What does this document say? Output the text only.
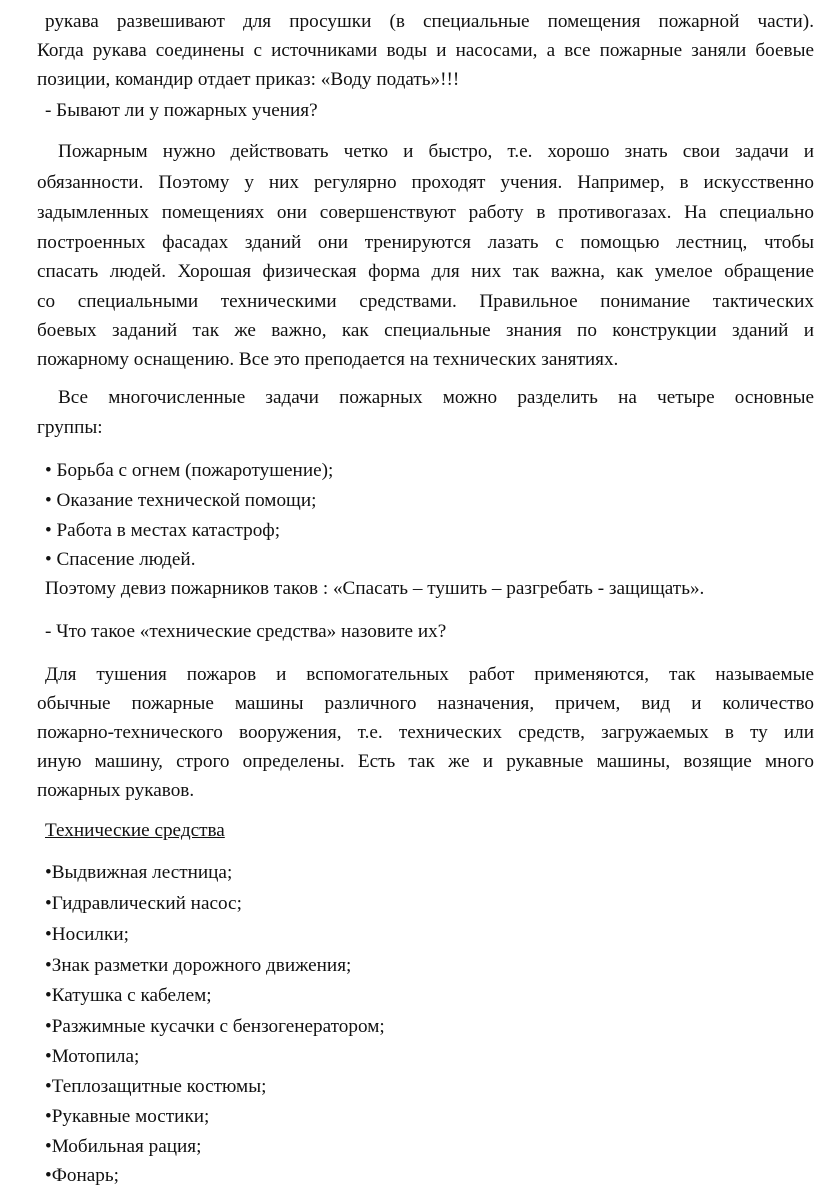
рукава развешивают для просушки (в специальные помещения пожарной части).

Когда рукава соединены с источниками воды и насосами, а все пожарные заняли боевые

позиции, командир отдает приказ: «Воду подать»!!!

- Бывают ли у пожарных учения?

Пожарным нужно действовать четко и быстро, т.е. хорошо знать свои задачи и

обязанности. Поэтому у них регулярно проходят учения. Например, в искусственно

задымленных помещениях они совершенствуют работу в противогазах. На специально

построенных фасадах зданий они тренируются лазать с помощью лестниц, чтобы

спасать людей. Хорошая физическая форма для них так важна, как умелое обращение

со специальными техническими средствами. Правильное понимание тактических

боевых заданий так же важно, как специальные знания по конструкции зданий и

пожарному оснащению. Все это преподается на технических занятиях.

Все многочисленные задачи пожарных можно разделить на четыре основные

группы:

• Борьба с огнем (пожаротушение);

• Оказание технической помощи;

• Работа в местах катастроф;

• Спасение людей.

Поэтому девиз пожарников таков : «Спасать – тушить – разгребать - защищать».

- Что такое «технические средства» назовите их?

Для тушения пожаров и вспомогательных работ применяются, так называемые

обычные пожарные машины различного назначения, причем, вид и количество

пожарно-технического вооружения, т.е. технических средств, загружаемых в ту или

иную машину, строго определены. Есть так же и рукавные машины, возящие много

пожарных рукавов.

Технические средства

•Выдвижная лестница;

•Гидравлический насос;

•Носилки;

•Знак разметки дорожного движения;

•Катушка с кабелем;

•Разжимные кусачки с бензогенератором;

•Мотопила;

•Теплозащитные костюмы;

•Рукавные мостики;

•Мобильная рация;

•Фонарь;
